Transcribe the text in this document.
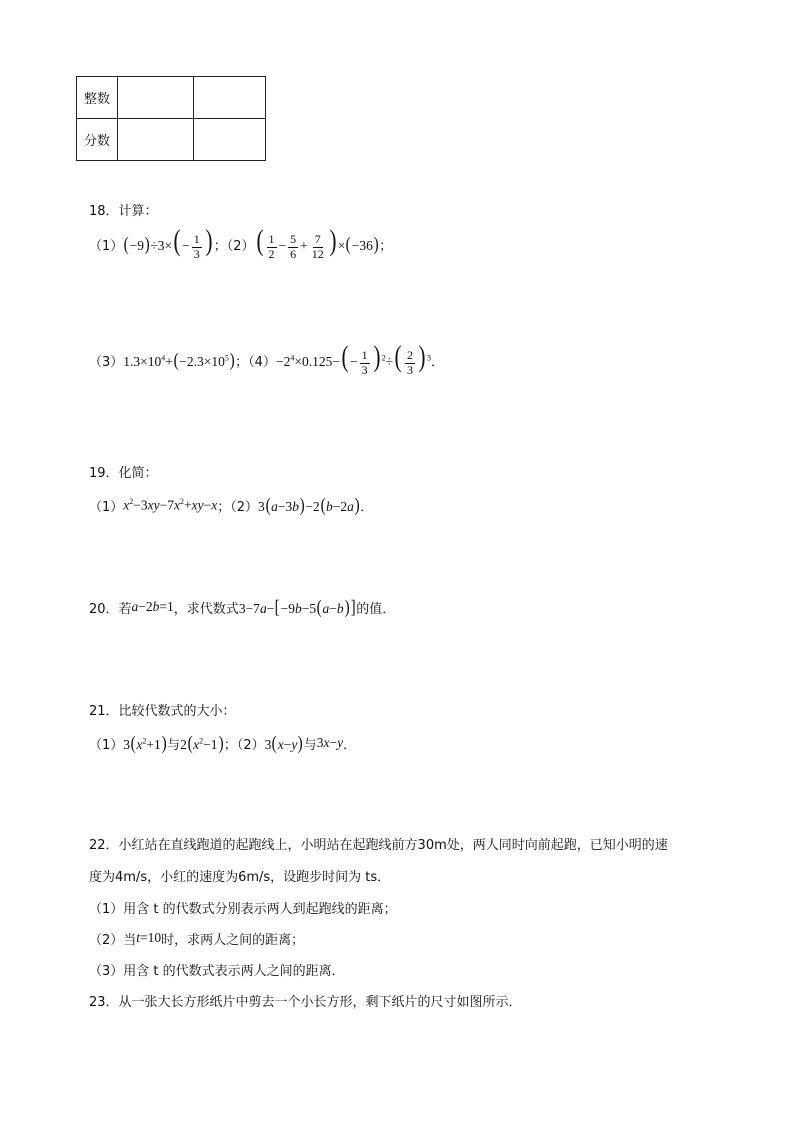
整数		
分数		
18．计算：
（1） $(-9)\div 3\times( - \frac{1}{3}$ ) ；（2） ( $\frac{1}{2} - \frac{5}{6} + \frac{7}{12}$ ) ×(−36) ；
（3） $1.3\times 10^4+(-2.3\times 10^5)$ ；$(4) -2^4\times 0.125-( - \frac{1}{3}$ ) $^2\div( \frac{2}{3}$ ) $^3$ ．
19．化简：
（1） $x^2-3xy-7x^2+xy-x$ ；（2） 3(a−3b)−2(b−2a) ．
20．若 a−2b=1 ，求代数式 3−7a−[−9b−5(a−b)] 的值．
21．比较代数式的大小：
（1） $3(x^2+1)$ 与 $2(x^2-1)$ ；（2） 3(x−y) 与 3x−y ．
22．小红站在直线跑道的起跑线上，小明站在起跑线前方30m处，两人同时向前起跑，已知小明的速
度为4m/s，小红的速度为6m/s，设跑步时间为 ts．
（1）用含 t 的代数式分别表示两人到起跑线的距离；
（2）当 t=10 时，求两人之间的距离；
（3）用含 t 的代数式表示两人之间的距离．
23．从一张大长方形纸片中剪去一个小长方形，剩下纸片的尺寸如图所示．
